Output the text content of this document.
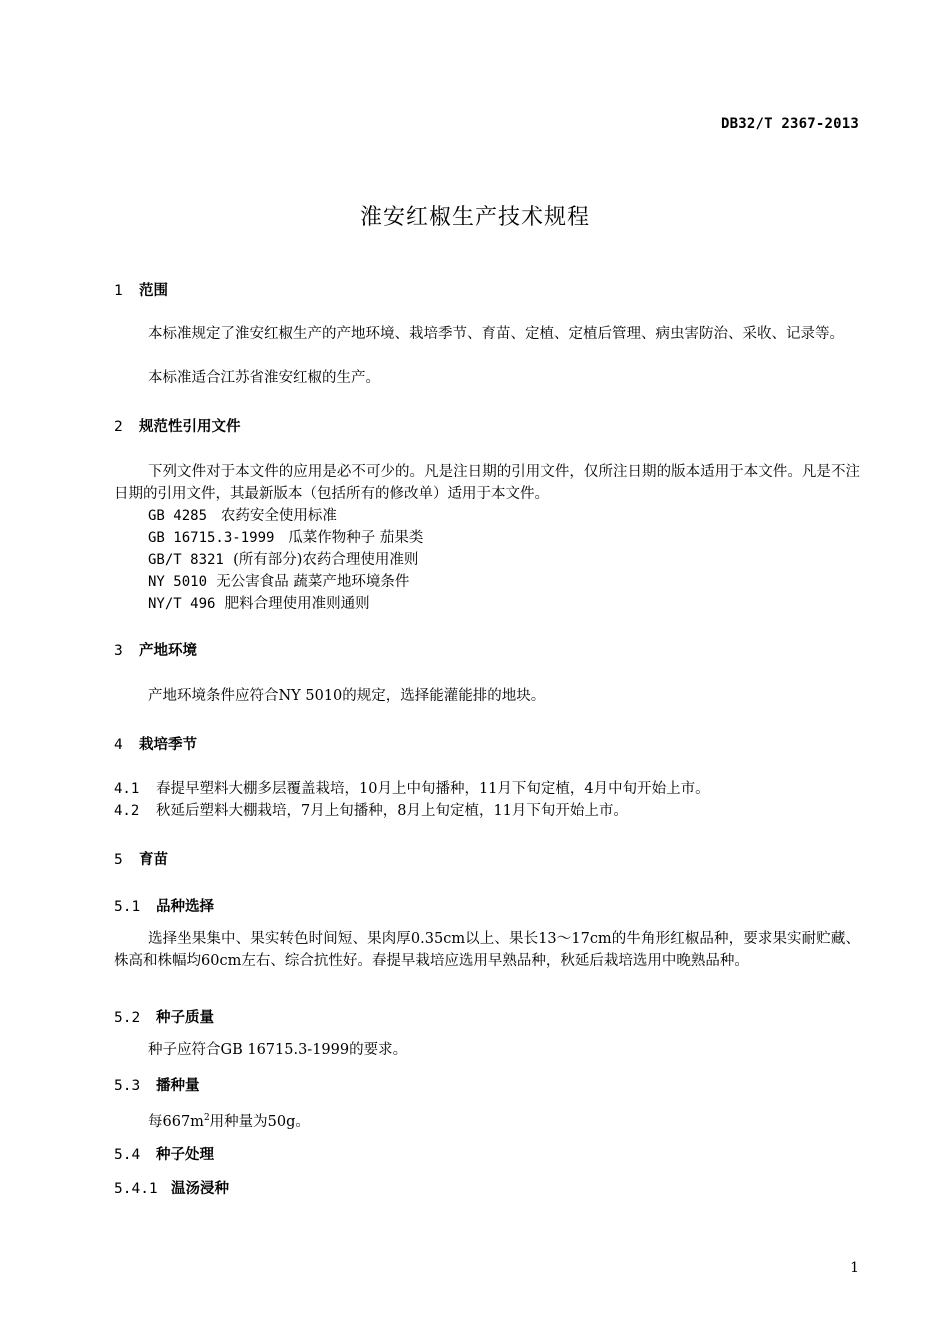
DB32/T 2367-2013
淮安红椒生产技术规程
1 范围
本标准规定了淮安红椒生产的产地环境、栽培季节、育苗、定植、定植后管理、病虫害防治、采收、记录等。
本标准适合江苏省淮安红椒的生产。
2 规范性引用文件
下列文件对于本文件的应用是必不可少的。凡是注日期的引用文件，仅所注日期的版本适用于本文件。凡是不注日期的引用文件，其最新版本（包括所有的修改单）适用于本文件。
GB 4285 农药安全使用标准
GB 16715.3-1999 瓜菜作物种子 茄果类
GB/T 8321 (所有部分)农药合理使用准则
NY 5010 无公害食品 蔬菜产地环境条件
NY/T 496 肥料合理使用准则通则
3 产地环境
产地环境条件应符合NY 5010的规定，选择能灌能排的地块。
4 栽培季节
4.1 春提早塑料大棚多层覆盖栽培，10月上中旬播种，11月下旬定植，4月中旬开始上市。
4.2 秋延后塑料大棚栽培，7月上旬播种，8月上旬定植，11月下旬开始上市。
5 育苗
5.1 品种选择
选择坐果集中、果实转色时间短、果肉厚0.35cm以上、果长13～17cm的牛角形红椒品种，要求果实耐贮藏、株高和株幅均60cm左右、综合抗性好。春提早栽培应选用早熟品种，秋延后栽培选用中晚熟品种。
5.2 种子质量
种子应符合GB 16715.3-1999的要求。
5.3 播种量
每$667m^2$用种量为50g。
5.4 种子处理
5.4.1 温汤浸种
1
